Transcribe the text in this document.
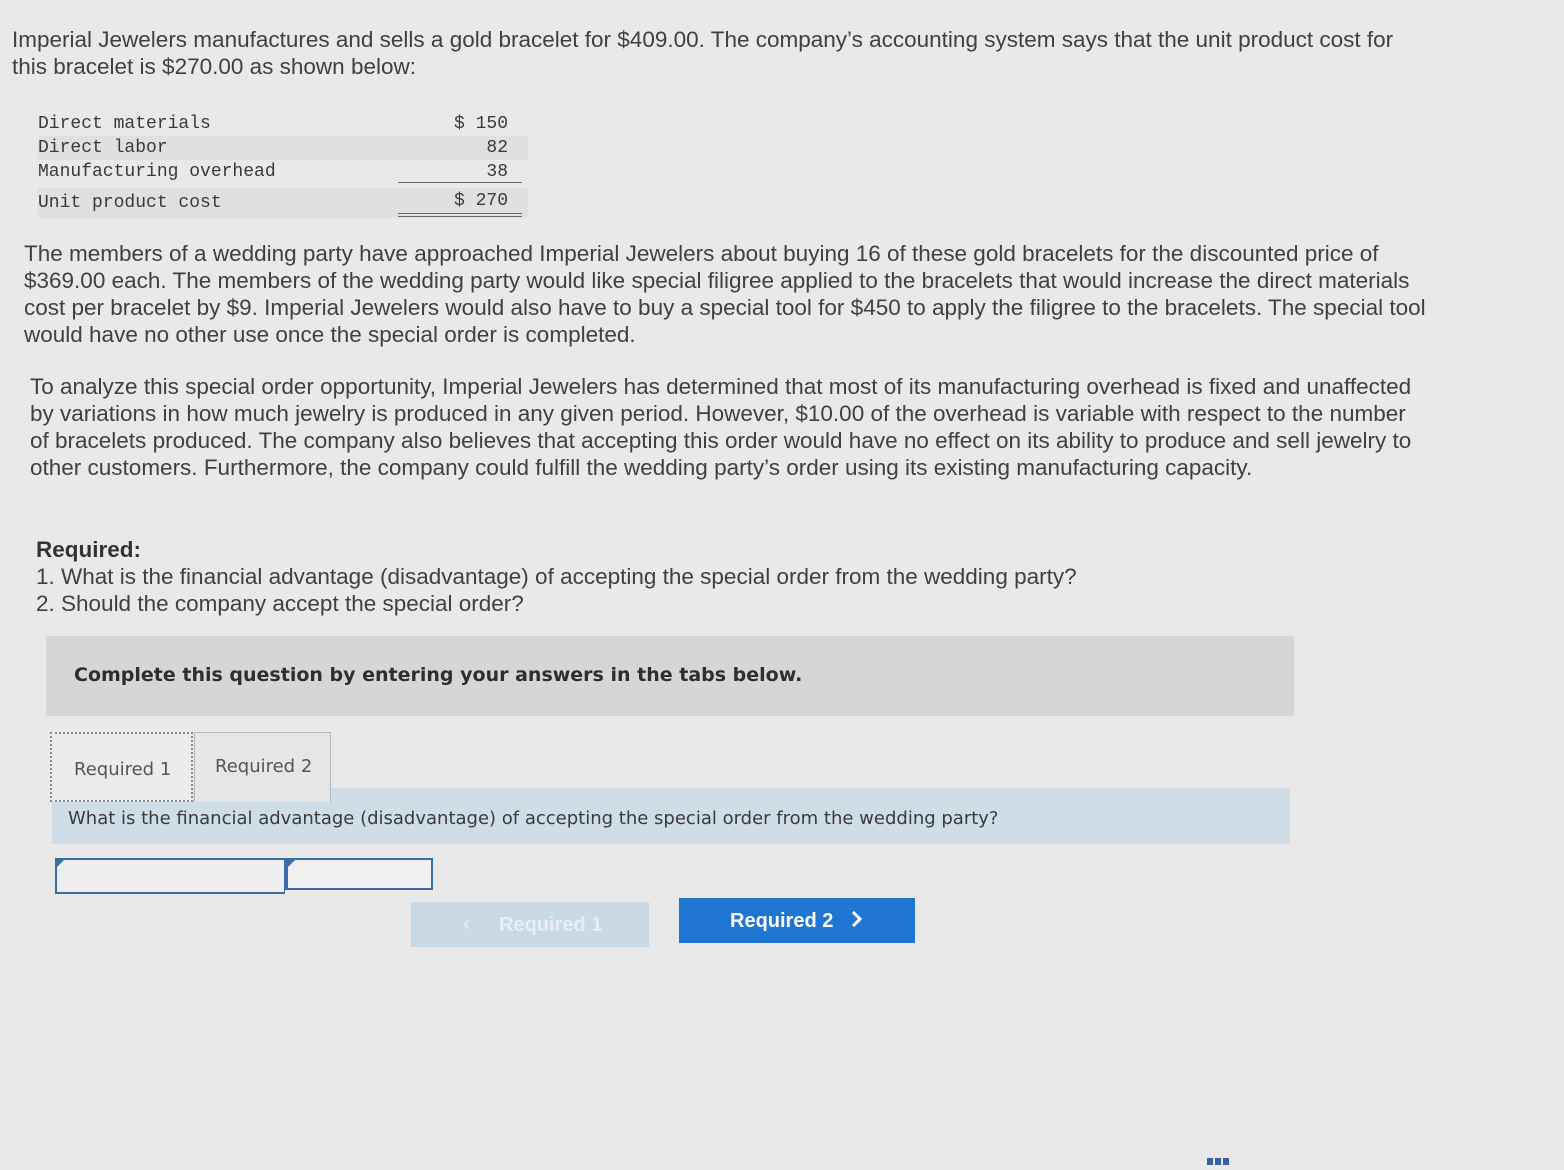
Imperial Jewelers manufactures and sells a gold bracelet for $409.00. The company’s accounting system says that the unit product cost for this bracelet is $270.00 as shown below:

Direct materials	$ 150
Direct labor	82
Manufacturing overhead	38
Unit product cost	$ 270

The members of a wedding party have approached Imperial Jewelers about buying 16 of these gold bracelets for the discounted price of $369.00 each. The members of the wedding party would like special filigree applied to the bracelets that would increase the direct materials cost per bracelet by $9. Imperial Jewelers would also have to buy a special tool for $450 to apply the filigree to the bracelets. The special tool would have no other use once the special order is completed.

To analyze this special order opportunity, Imperial Jewelers has determined that most of its manufacturing overhead is fixed and unaffected by variations in how much jewelry is produced in any given period. However, $10.00 of the overhead is variable with respect to the number of bracelets produced. The company also believes that accepting this order would have no effect on its ability to produce and sell jewelry to other customers. Furthermore, the company could fulfill the wedding party’s order using its existing manufacturing capacity.

Required:
1. What is the financial advantage (disadvantage) of accepting the special order from the wedding party?
2. Should the company accept the special order?
Complete this question by entering your answers in the tabs below.
What is the financial advantage (disadvantage) of accepting the special order from the wedding party?
Required 1 Required 2
‹ Required 1	Required 2
